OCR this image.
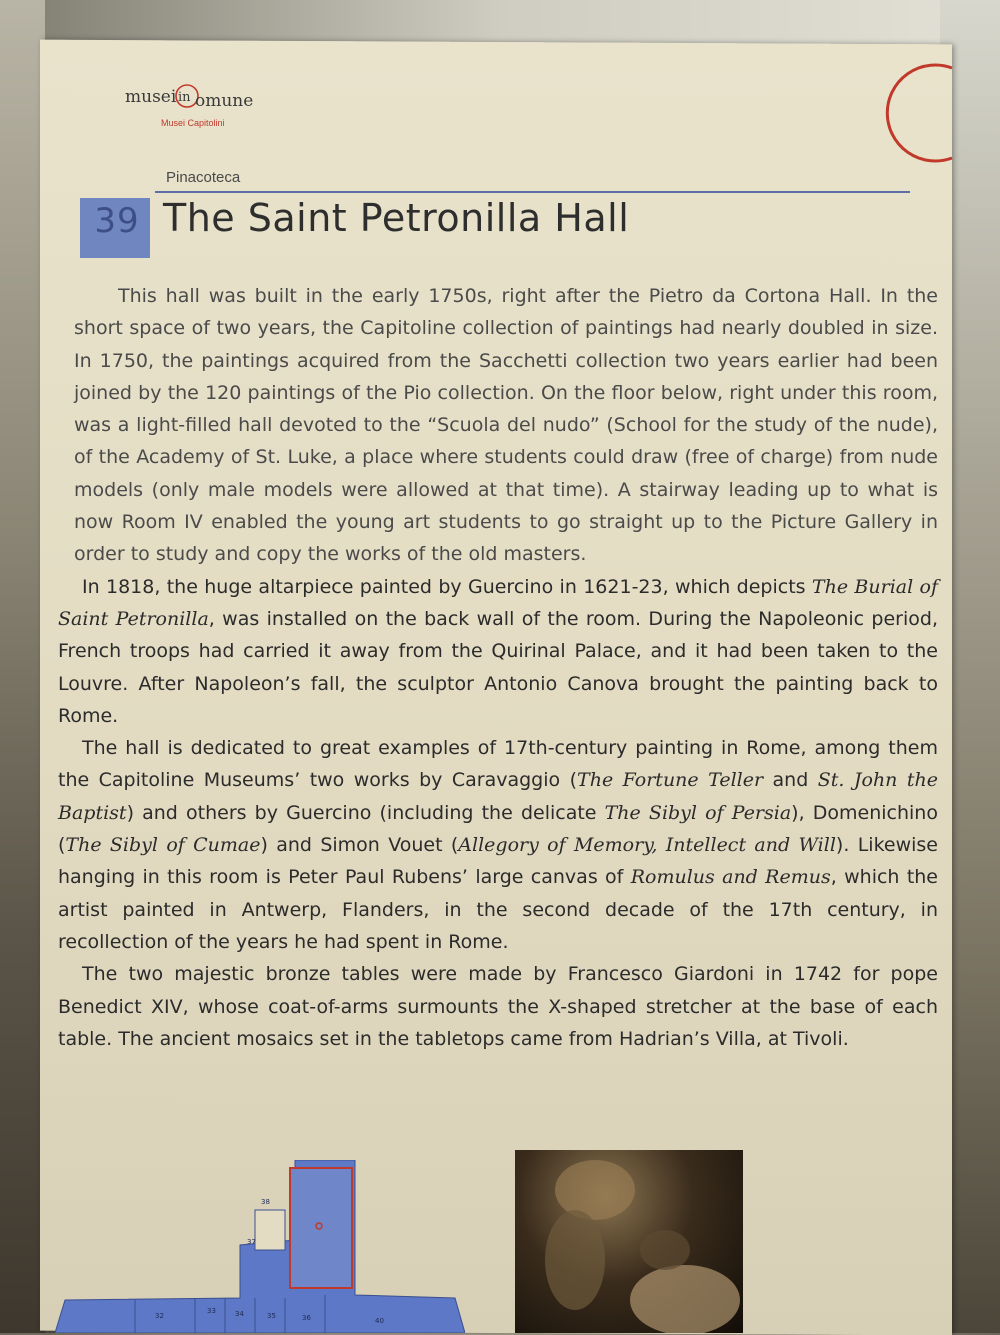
musei in omune
Musei Capitolini
Pinacoteca
39 The Saint Petronilla Hall

This hall was built in the early 1750s, right after the Pietro da Cortona Hall. In the short space of two years, the Capitoline collection of paintings had nearly doubled in size. In 1750, the paintings acquired from the Sacchetti collection two years earlier had been joined by the 120 paintings of the Pio collection. On the floor below, right under this room, was a light-filled hall devoted to the “Scuola del nudo” (School for the study of the nude), of the Academy of St. Luke, a place where students could draw (free of charge) from nude models (only male models were allowed at that time). A stairway leading up to what is now Room IV enabled the young art students to go straight up to the Picture Gallery in order to study and copy the works of the old masters.

In 1818, the huge altarpiece painted by Guercino in 1621-23, which depicts The Burial of Saint Petronilla, was installed on the back wall of the room. During the Napoleonic period, French troops had carried it away from the Quirinal Palace, and it had been taken to the Louvre. After Napoleon’s fall, the sculptor Antonio Canova brought the painting back to Rome.

The hall is dedicated to great examples of 17th-century painting in Rome, among them the Capitoline Museums’ two works by Caravaggio (The Fortune Teller and St. John the Baptist) and others by Guercino (including the delicate The Sibyl of Persia), Domenichino (The Sibyl of Cumae) and Simon Vouet (Allegory of Memory, Intellect and Will). Likewise hanging in this room is Peter Paul Rubens’ large canvas of Romulus and Remus, which the artist painted in Antwerp, Flanders, in the second decade of the 17th century, in recollection of the years he had spent in Rome.

The two majestic bronze tables were made by Francesco Giardoni in 1742 for pope Benedict XIV, whose coat-of-arms surmounts the X-shaped stretcher at the base of each table. The ancient mosaics set in the tabletops came from Hadrian’s Villa, at Tivoli.

38
37
33	34	35	36
32
40
